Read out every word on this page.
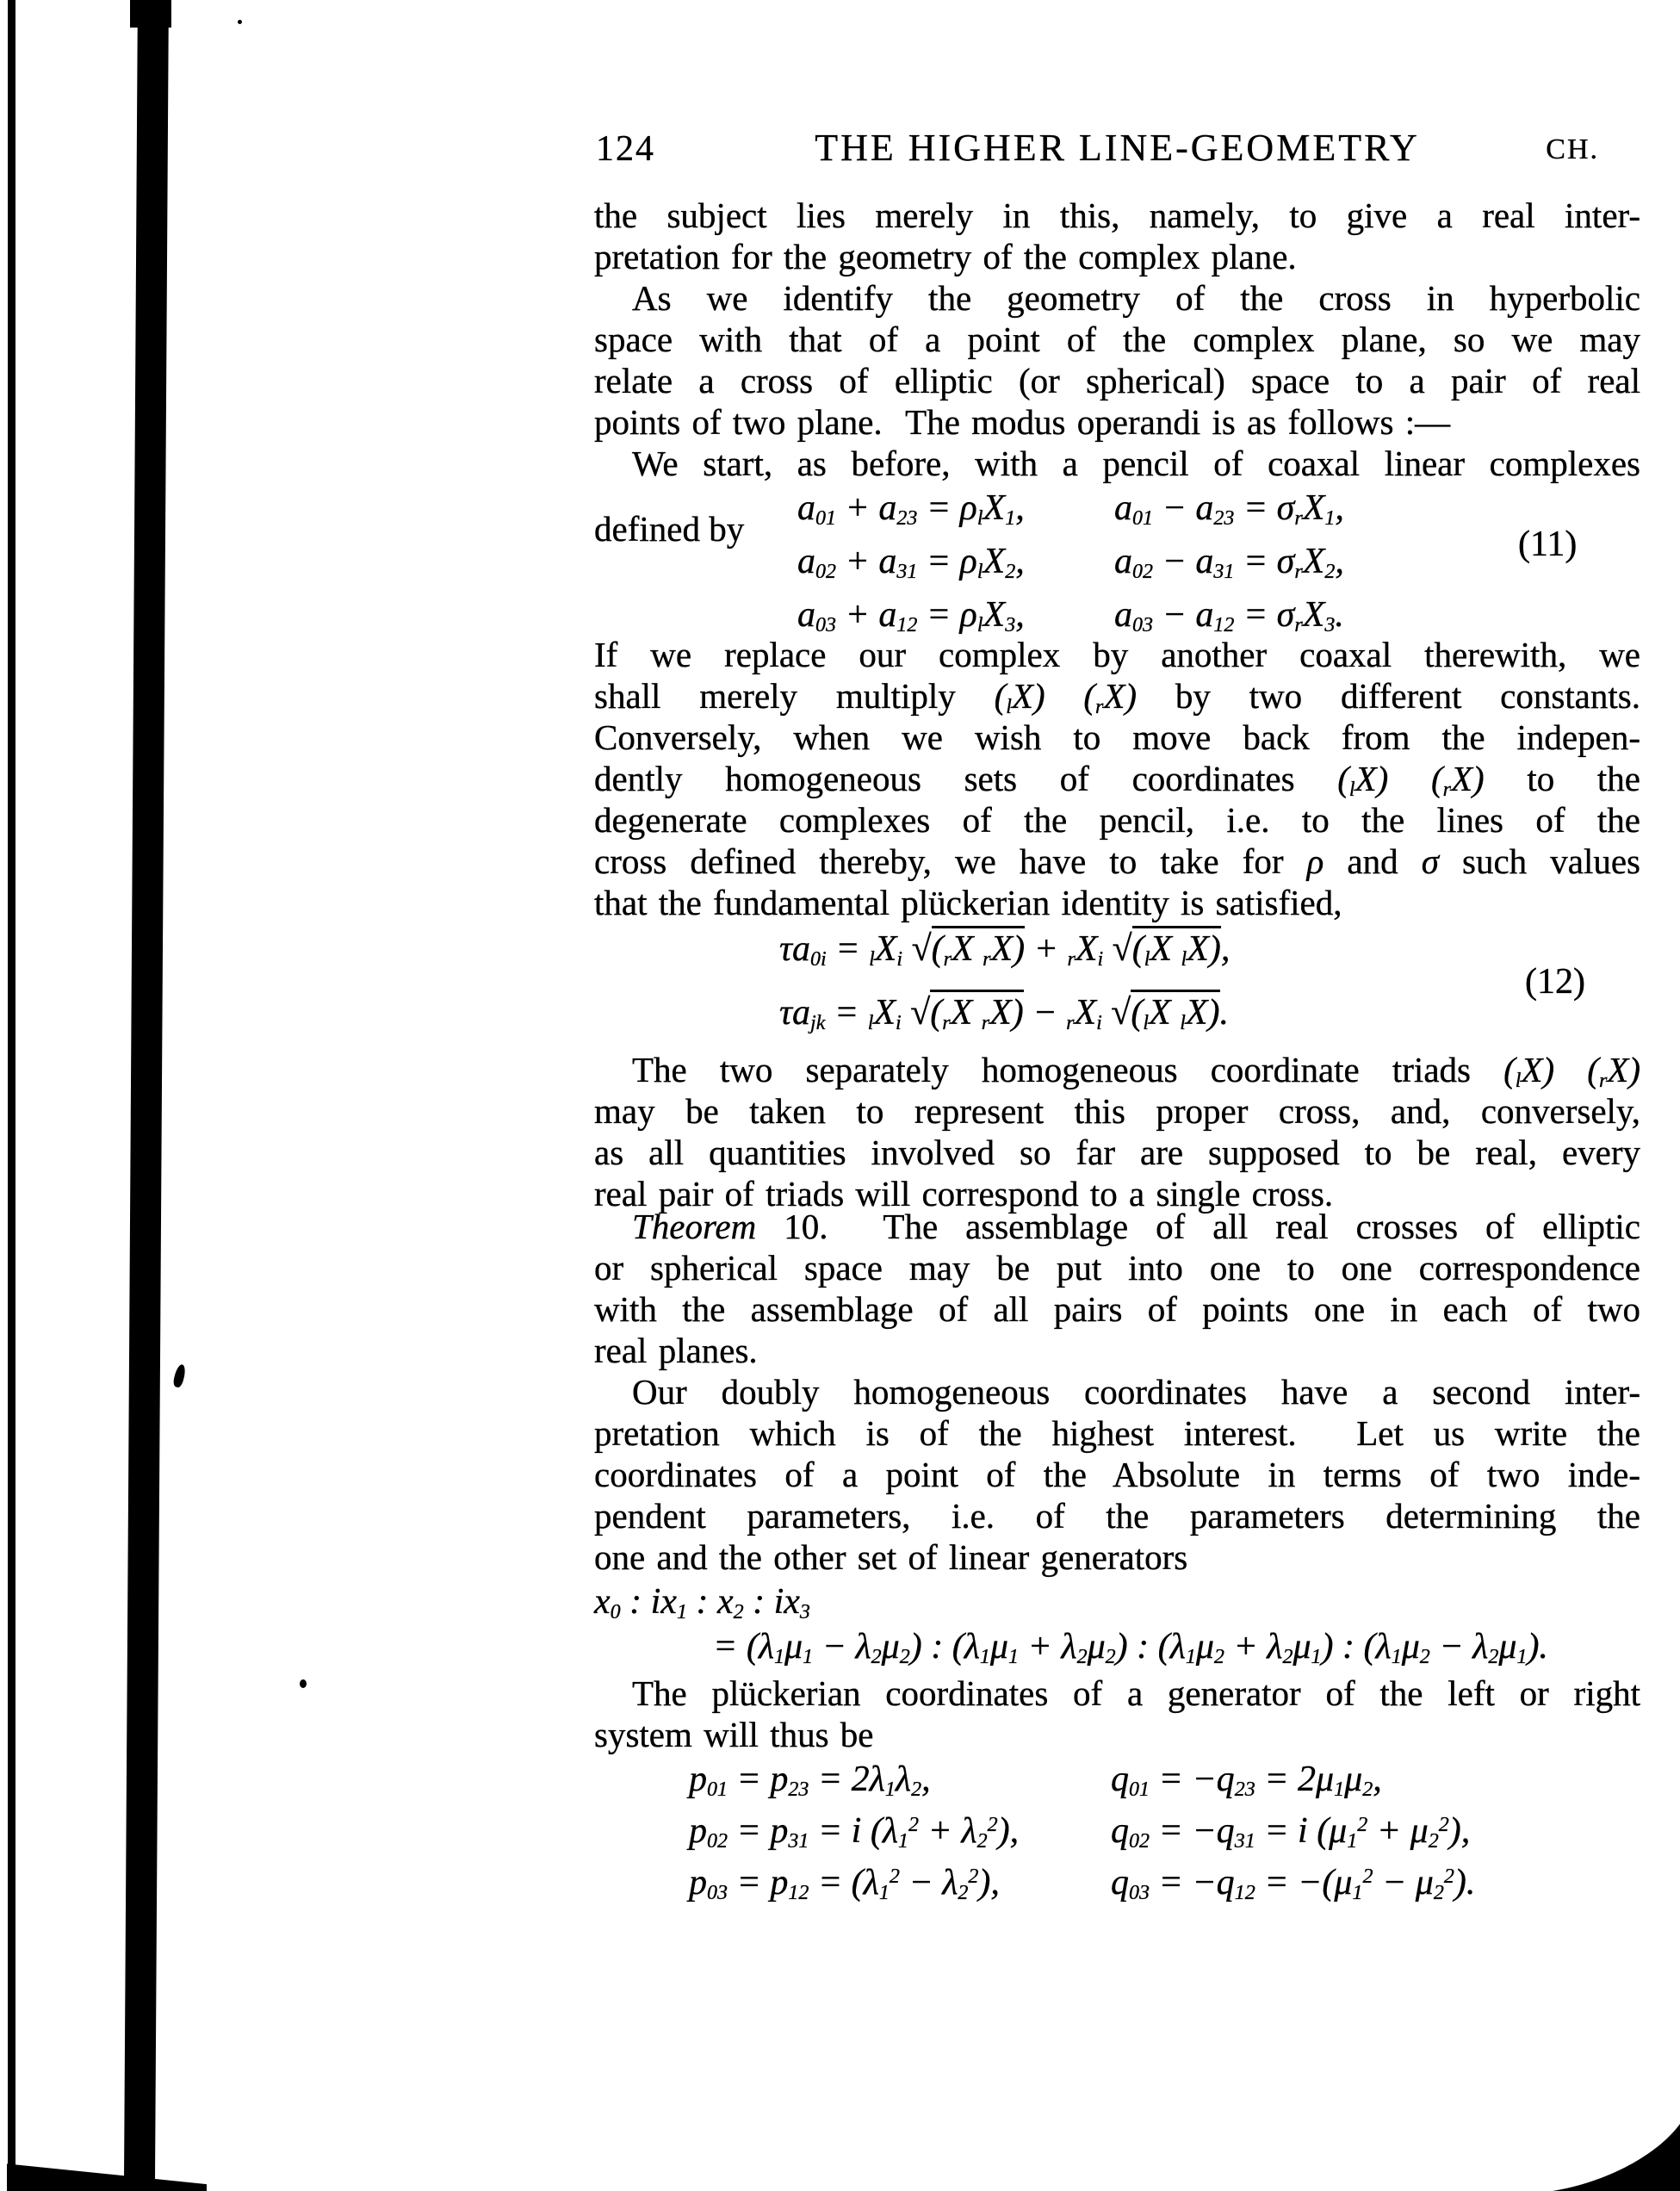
124	THE HIGHER LINE-GEOMETRY	CH.
the subject lies merely in this, namely, to give a real inter-
pretation for the geometry of the complex plane.
As we identify the geometry of the cross in hyperbolic
space with that of a point of the complex plane, so we may
relate a cross of elliptic (or spherical) space to a pair of real
points of two plane.  The modus operandi is as follows :—
We start, as before, with a pencil of coaxal linear complexes
defined by
$a_{01} + a_{23} = \rho_lX_1$, $a_{01} - a_{23} = \sigma_rX_1$,
$a_{02} + a_{31} = \rho_lX_2$, $a_{02} - a_{31} = \sigma_rX_2$,
$a_{03} + a_{12} = \rho_lX_3$, $a_{03} - a_{12} = \sigma_rX_3$.
(11)
If we replace our complex by another coaxal therewith, we
shall merely multiply $(_lX)$ $(_rX)$ by two different constants.
Conversely, when we wish to move back from the indepen-
dently homogeneous sets of coordinates $(_lX)$ $(_rX)$ to the
degenerate complexes of the pencil, i.e. to the lines of the
cross defined thereby, we have to take for ρ and σ such values
that the fundamental plückerian identity is satisfied,
$\tau a_{0i} = _lX_i$ $√(_rX$ $_rX) + _rX_i$ $√(_lX$ $_l$X),
$\tau a_{jk} = _lX_i$ $√(_rX$ $_rX) - _rX_i$ $√(_lX$ $_l$X).
(12)
The two separately homogeneous coordinate triads $(_lX)$ $(_rX)$
may be taken to represent this proper cross, and, conversely,
as all quantities involved so far are supposed to be real, every
real pair of triads will correspond to a single cross.
Theorem 10.  The assemblage of all real crosses of elliptic
or spherical space may be put into one to one correspondence
with the assemblage of all pairs of points one in each of two
real planes.
Our doubly homogeneous coordinates have a second inter-
pretation which is of the highest interest.  Let us write the
coordinates of a point of the Absolute in terms of two inde-
pendent parameters, i.e. of the parameters determining the
one and the other set of linear generators
$x_0$ : $ix_1$ : $x_2$ : $ix_3$
= $(\lambda_1\mu_1 - \lambda_2\mu_2)$ : $(\lambda_1\mu_1 + \lambda_2\mu_2)$ : $(\lambda_1\mu_2 + \lambda_2\mu_1)$ : $(\lambda_1\mu_2 - \lambda_2\mu_1)$.
The plückerian coordinates of a generator of the left or right
system will thus be
$p_{01} = p_{23} = 2\lambda_1\lambda_2$,	$q_{01} = -q_{23} = 2\mu_1\mu_2$,
$p_{02} = p_{31} = i$ $(\lambda_1^2 + \lambda_2^2)$,	$q_{02} = -q_{31} = i$ $(\mu_1^2 + \mu_2^2)$,
$p_{03} = p_{12} = (\lambda_1^2 - \lambda_2^2)$,	$q_{03} = -q_{12} = -(\mu_1^2 - \mu_2^2)$.
